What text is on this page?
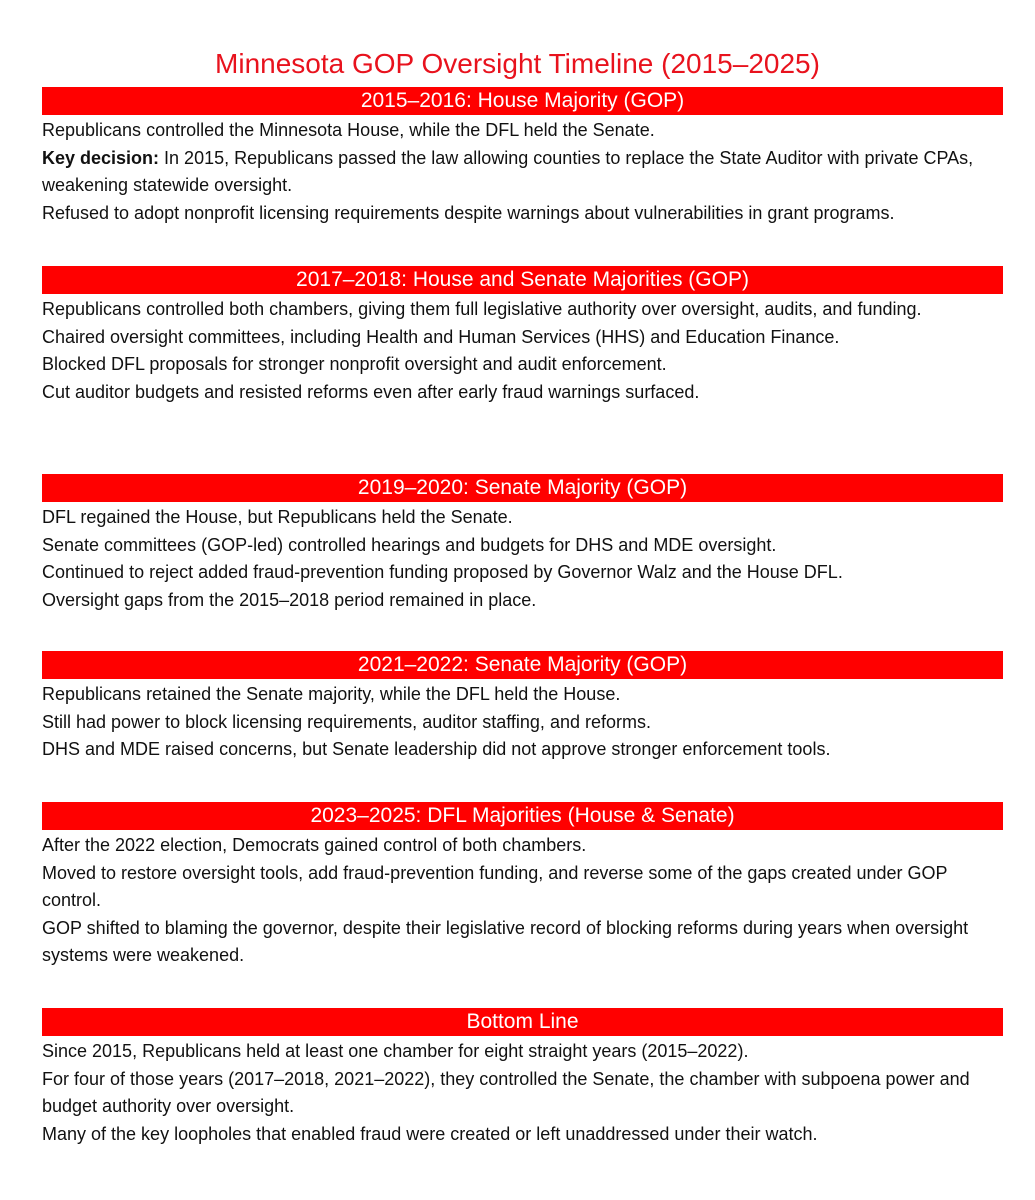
Minnesota GOP Oversight Timeline (2015–2025)
2015–2016: House Majority (GOP)

Republicans controlled the Minnesota House, while the DFL held the Senate.

Key decision: In 2015, Republicans passed the law allowing counties to replace the State Auditor with private CPAs, weakening statewide oversight.

Refused to adopt nonprofit licensing requirements despite warnings about vulnerabilities in grant programs.

2017–2018: House and Senate Majorities (GOP)

Republicans controlled both chambers, giving them full legislative authority over oversight, audits, and funding.

Chaired oversight committees, including Health and Human Services (HHS) and Education Finance.

Blocked DFL proposals for stronger nonprofit oversight and audit enforcement.

Cut auditor budgets and resisted reforms even after early fraud warnings surfaced.

2019–2020: Senate Majority (GOP)

DFL regained the House, but Republicans held the Senate.

Senate committees (GOP-led) controlled hearings and budgets for DHS and MDE oversight.

Continued to reject added fraud-prevention funding proposed by Governor Walz and the House DFL.

Oversight gaps from the 2015–2018 period remained in place.

2021–2022: Senate Majority (GOP)

Republicans retained the Senate majority, while the DFL held the House.

Still had power to block licensing requirements, auditor staffing, and reforms.

DHS and MDE raised concerns, but Senate leadership did not approve stronger enforcement tools.

2023–2025: DFL Majorities (House & Senate)

After the 2022 election, Democrats gained control of both chambers.

Moved to restore oversight tools, add fraud-prevention funding, and reverse some of the gaps created under GOP control.

GOP shifted to blaming the governor, despite their legislative record of blocking reforms during years when oversight systems were weakened.

Bottom Line

Since 2015, Republicans held at least one chamber for eight straight years (2015–2022).

For four of those years (2017–2018, 2021–2022), they controlled the Senate, the chamber with subpoena power and budget authority over oversight.

Many of the key loopholes that enabled fraud were created or left unaddressed under their watch.
